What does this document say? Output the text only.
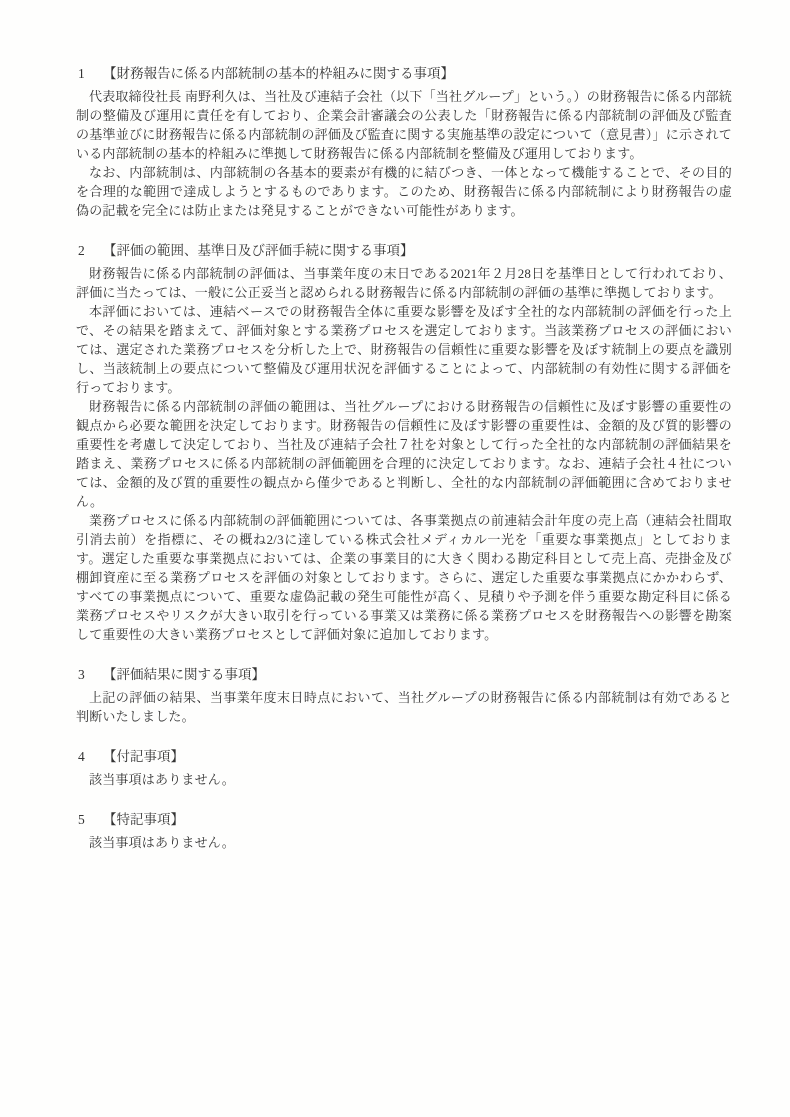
1	【財務報告に係る内部統制の基本的枠組みに関する事項】

代表取締役社長 南野利久は、当社及び連結子会社（以下「当社グループ」という。）の財務報告に係る内部統制の整備及び運用に責任を有しており、企業会計審議会の公表した「財務報告に係る内部統制の評価及び監査の基準並びに財務報告に係る内部統制の評価及び監査に関する実施基準の設定について（意見書）」に示されている内部統制の基本的枠組みに準拠して財務報告に係る内部統制を整備及び運用しております。

なお、内部統制は、内部統制の各基本的要素が有機的に結びつき、一体となって機能することで、その目的を合理的な範囲で達成しようとするものであります。このため、財務報告に係る内部統制により財務報告の虚偽の記載を完全には防止または発見することができない可能性があります。

2	【評価の範囲、基準日及び評価手続に関する事項】

財務報告に係る内部統制の評価は、当事業年度の末日である2021年２月28日を基準日として行われており、評価に当たっては、一般に公正妥当と認められる財務報告に係る内部統制の評価の基準に準拠しております。

本評価においては、連結ベースでの財務報告全体に重要な影響を及ぼす全社的な内部統制の評価を行った上で、その結果を踏まえて、評価対象とする業務プロセスを選定しております。当該業務プロセスの評価においては、選定された業務プロセスを分析した上で、財務報告の信頼性に重要な影響を及ぼす統制上の要点を識別し、当該統制上の要点について整備及び運用状況を評価することによって、内部統制の有効性に関する評価を行っております。

財務報告に係る内部統制の評価の範囲は、当社グループにおける財務報告の信頼性に及ぼす影響の重要性の観点から必要な範囲を決定しております。財務報告の信頼性に及ぼす影響の重要性は、金額的及び質的影響の重要性を考慮して決定しており、当社及び連結子会社７社を対象として行った全社的な内部統制の評価結果を踏まえ、業務プロセスに係る内部統制の評価範囲を合理的に決定しております。なお、連結子会社４社については、金額的及び質的重要性の観点から僅少であると判断し、全社的な内部統制の評価範囲に含めておりません。

業務プロセスに係る内部統制の評価範囲については、各事業拠点の前連結会計年度の売上高（連結会社間取引消去前）を指標に、その概ね2/3に達している株式会社メディカル一光を「重要な事業拠点」としております。選定した重要な事業拠点においては、企業の事業目的に大きく関わる勘定科目として売上高、売掛金及び棚卸資産に至る業務プロセスを評価の対象としております。さらに、選定した重要な事業拠点にかかわらず、すべての事業拠点について、重要な虚偽記載の発生可能性が高く、見積りや予測を伴う重要な勘定科目に係る業務プロセスやリスクが大きい取引を行っている事業又は業務に係る業務プロセスを財務報告への影響を勘案して重要性の大きい業務プロセスとして評価対象に追加しております。

3	【評価結果に関する事項】

上記の評価の結果、当事業年度末日時点において、当社グループの財務報告に係る内部統制は有効であると判断いたしました。

4	【付記事項】

該当事項はありません。

5	【特記事項】

該当事項はありません。
